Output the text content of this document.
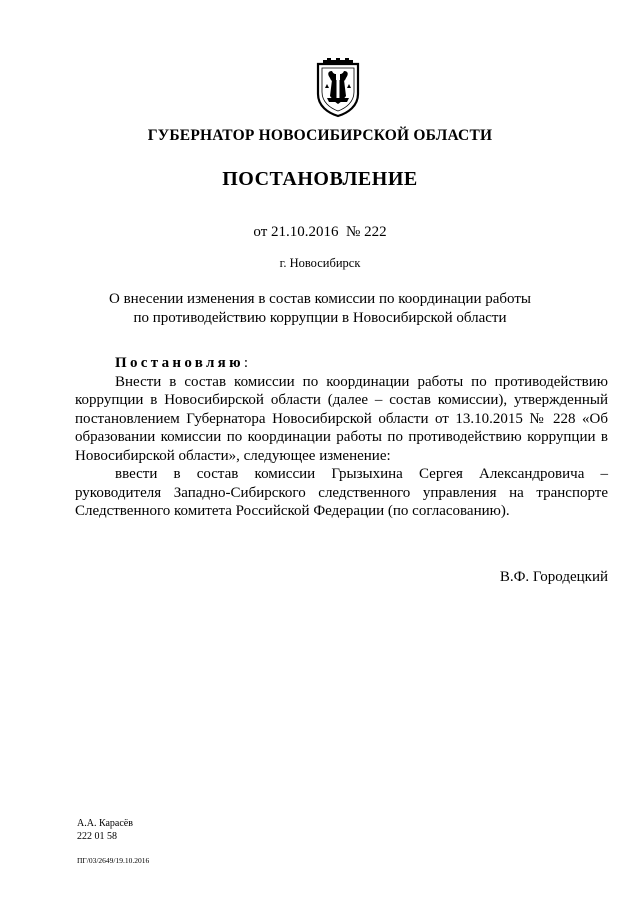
ГУБЕРНАТОР НОВОСИБИРСКОЙ ОБЛАСТИ
ПОСТАНОВЛЕНИЕ
от 21.10.2016 № 222
г. Новосибирск
О внесении изменения в состав комиссии по координации работы
по противодействию коррупции в Новосибирской области
Постановляю:

Внести в состав комиссии по координации работы по противодействию коррупции в Новосибирской области (далее – состав комиссии), утвержденный постановлением Губернатора Новосибирской области от 13.10.2015 № 228 «Об образовании комиссии по координации работы по противодействию коррупции в Новосибирской области», следующее изменение:

ввести в состав комиссии Грызыхина Сергея Александровича – руководителя Западно-Сибирского следственного управления на транспорте Следственного комитета Российской Федерации (по согласованию).

В.Ф. Городецкий
А.А. Карасёв
222 01 58
ПГ/03/2649/19.10.2016
